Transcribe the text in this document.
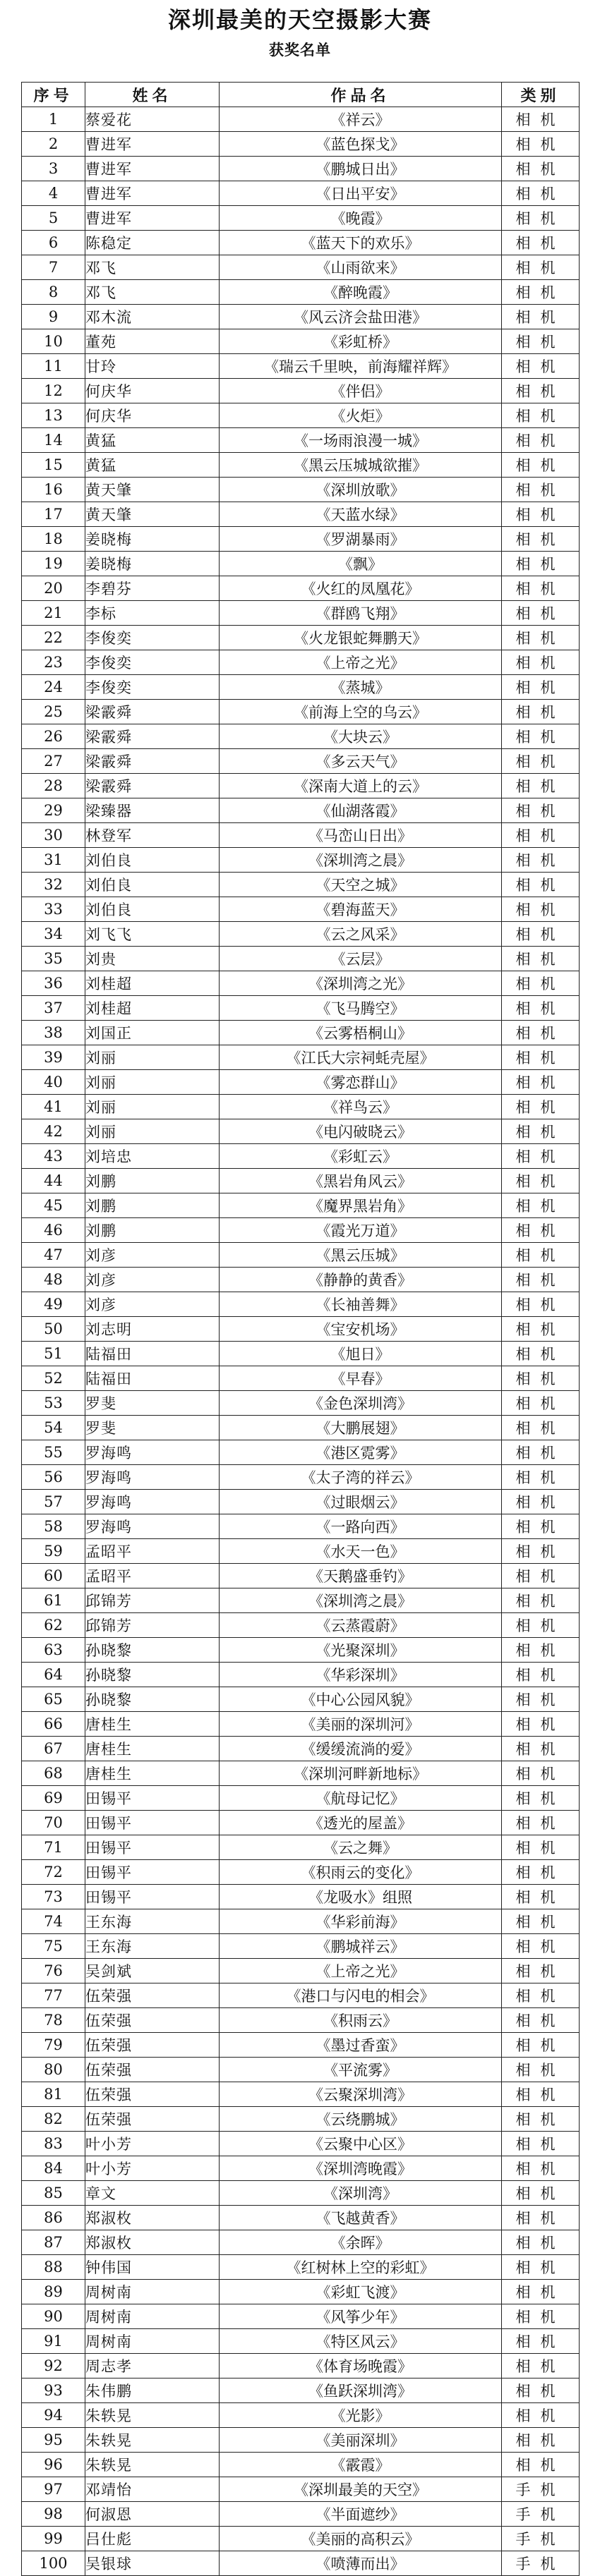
深圳最美的天空摄影大赛
获奖名单
序号	姓名	作品名	类别
1	蔡爱花	《祥云》	相机
2	曹进军	《蓝色探戈》	相机
3	曹进军	《鹏城日出》	相机
4	曹进军	《日出平安》	相机
5	曹进军	《晚霞》	相机
6	陈稳定	《蓝天下的欢乐》	相机
7	邓飞	《山雨欲来》	相机
8	邓飞	《醉晚霞》	相机
9	邓木流	《风云济会盐田港》	相机
10	董苑	《彩虹桥》	相机
11	甘玲	《瑞云千里映，前海耀祥辉》	相机
12	何庆华	《伴侣》	相机
13	何庆华	《火炬》	相机
14	黄猛	《一场雨浪漫一城》	相机
15	黄猛	《黑云压城城欲摧》	相机
16	黄天肇	《深圳放歌》	相机
17	黄天肇	《天蓝水绿》	相机
18	姜晓梅	《罗湖暴雨》	相机
19	姜晓梅	《飘》	相机
20	李碧芬	《火红的凤凰花》	相机
21	李标	《群鸥飞翔》	相机
22	李俊奕	《火龙银蛇舞鹏天》	相机
23	李俊奕	《上帝之光》	相机
24	李俊奕	《蒸城》	相机
25	梁霰舜	《前海上空的乌云》	相机
26	梁霰舜	《大块云》	相机
27	梁霰舜	《多云天气》	相机
28	梁霰舜	《深南大道上的云》	相机
29	梁臻器	《仙湖落霞》	相机
30	林登军	《马峦山日出》	相机
31	刘伯良	《深圳湾之晨》	相机
32	刘伯良	《天空之城》	相机
33	刘伯良	《碧海蓝天》	相机
34	刘飞飞	《云之风采》	相机
35	刘贵	《云层》	相机
36	刘桂超	《深圳湾之光》	相机
37	刘桂超	《飞马腾空》	相机
38	刘国正	《云雾梧桐山》	相机
39	刘丽	《江氏大宗祠蚝壳屋》	相机
40	刘丽	《雾恋群山》	相机
41	刘丽	《祥鸟云》	相机
42	刘丽	《电闪破晓云》	相机
43	刘培忠	《彩虹云》	相机
44	刘鹏	《黑岩角风云》	相机
45	刘鹏	《魔界黑岩角》	相机
46	刘鹏	《霞光万道》	相机
47	刘彦	《黑云压城》	相机
48	刘彦	《静静的黄香》	相机
49	刘彦	《长袖善舞》	相机
50	刘志明	《宝安机场》	相机
51	陆福田	《旭日》	相机
52	陆福田	《早春》	相机
53	罗斐	《金色深圳湾》	相机
54	罗斐	《大鹏展翅》	相机
55	罗海鸣	《港区霓雾》	相机
56	罗海鸣	《太子湾的祥云》	相机
57	罗海鸣	《过眼烟云》	相机
58	罗海鸣	《一路向西》	相机
59	孟昭平	《水天一色》	相机
60	孟昭平	《天鹅盛垂钓》	相机
61	邱锦芳	《深圳湾之晨》	相机
62	邱锦芳	《云蒸霞蔚》	相机
63	孙晓黎	《光聚深圳》	相机
64	孙晓黎	《华彩深圳》	相机
65	孙晓黎	《中心公园风貌》	相机
66	唐桂生	《美丽的深圳河》	相机
67	唐桂生	《缓缓流淌的爱》	相机
68	唐桂生	《深圳河畔新地标》	相机
69	田锡平	《航母记忆》	相机
70	田锡平	《透光的屋盖》	相机
71	田锡平	《云之舞》	相机
72	田锡平	《积雨云的变化》	相机
73	田锡平	《龙吸水》组照	相机
74	王东海	《华彩前海》	相机
75	王东海	《鹏城祥云》	相机
76	吴剑斌	《上帝之光》	相机
77	伍荣强	《港口与闪电的相会》	相机
78	伍荣强	《积雨云》	相机
79	伍荣强	《墨过香蛮》	相机
80	伍荣强	《平流雾》	相机
81	伍荣强	《云聚深圳湾》	相机
82	伍荣强	《云绕鹏城》	相机
83	叶小芳	《云聚中心区》	相机
84	叶小芳	《深圳湾晚霞》	相机
85	章文	《深圳湾》	相机
86	郑淑枚	《飞越黄香》	相机
87	郑淑枚	《余晖》	相机
88	钟伟国	《红树林上空的彩虹》	相机
89	周树南	《彩虹飞渡》	相机
90	周树南	《风筝少年》	相机
91	周树南	《特区风云》	相机
92	周志孝	《体育场晚霞》	相机
93	朱伟鹏	《鱼跃深圳湾》	相机
94	朱轶晃	《光影》	相机
95	朱轶晃	《美丽深圳》	相机
96	朱轶晃	《霰霞》	相机
97	邓靖怡	《深圳最美的天空》	手机
98	何淑恩	《半面遮纱》	手机
99	吕仕彪	《美丽的高积云》	手机
100	吴银球	《喷薄而出》	手机
